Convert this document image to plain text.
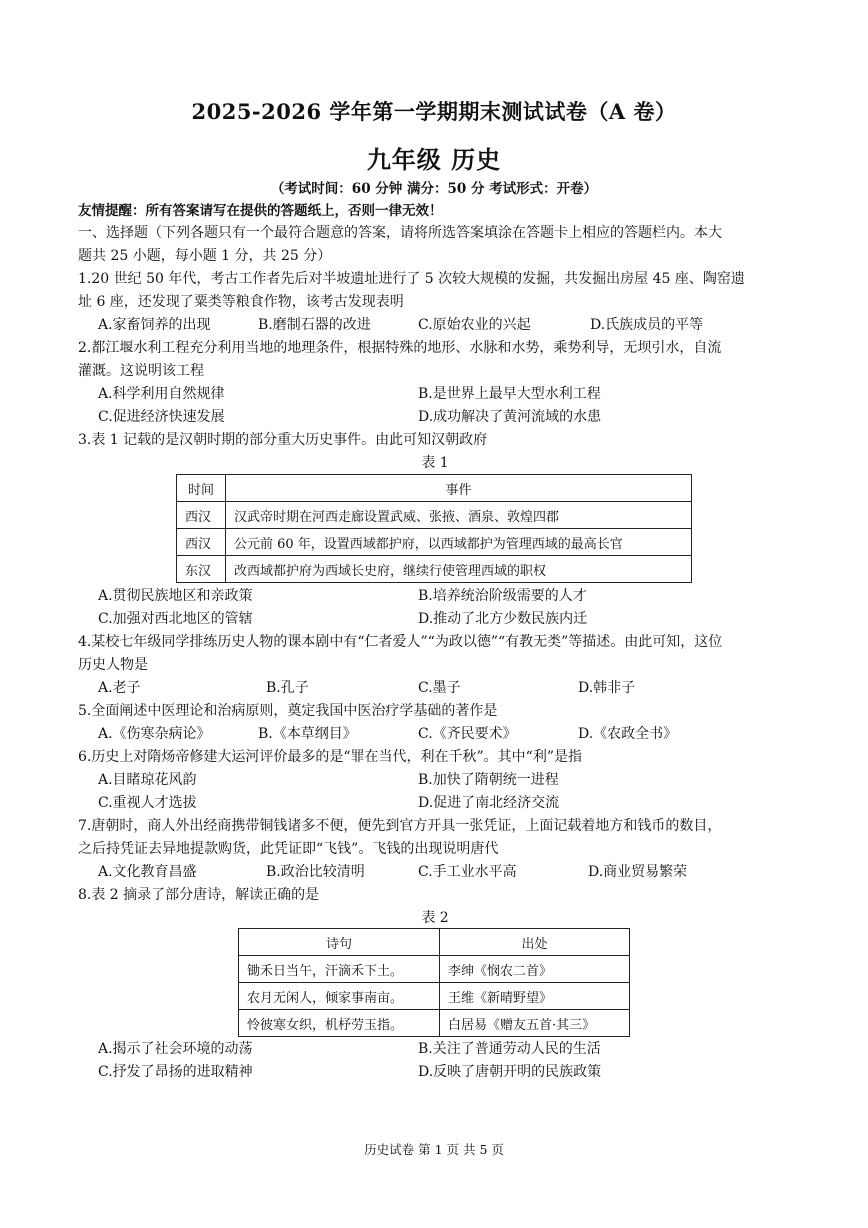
2025-2026 学年第一学期期末测试试卷（A 卷）
九年级 历史
（考试时间：60 分钟 满分：50 分 考试形式：开卷）
友情提醒：所有答案请写在提供的答题纸上，否则一律无效！
一、选择题（下列各题只有一个最符合题意的答案，请将所选答案填涂在答题卡上相应的答题栏内。本大
题共 25 小题，每小题 1 分，共 25 分）
1.20 世纪 50 年代，考古工作者先后对半坡遗址进行了 5 次较大规模的发掘，共发掘出房屋 45 座、陶窑遗
址 6 座，还发现了粟类等粮食作物，该考古发现表明
A.家畜饲养的出现	B.磨制石器的改进	C.原始农业的兴起	D.氏族成员的平等
2.都江堰水利工程充分利用当地的地理条件，根据特殊的地形、水脉和水势，乘势利导，无坝引水，自流
灌溉。这说明该工程
A.科学利用自然规律	B.是世界上最早大型水利工程
C.促进经济快速发展	D.成功解决了黄河流域的水患
3.表 1 记载的是汉朝时期的部分重大历史事件。由此可知汉朝政府
表 1
时间	事件
西汉	汉武帝时期在河西走廊设置武威、张掖、酒泉、敦煌四郡
西汉	公元前 60 年，设置西域都护府，以西域都护为管理西域的最高长官
东汉	改西域都护府为西域长史府，继续行使管理西域的职权
A.贯彻民族地区和亲政策	B.培养统治阶级需要的人才
C.加强对西北地区的管辖	D.推动了北方少数民族内迁
4.某校七年级同学排练历史人物的课本剧中有“仁者爱人”“为政以德”“有教无类”等描述。由此可知，这位
历史人物是
A.老子	B.孔子	C.墨子	D.韩非子
5.全面阐述中医理论和治病原则，奠定我国中医治疗学基础的著作是
A.《伤寒杂病论》	B.《本草纲目》	C.《齐民要术》	D.《农政全书》
6.历史上对隋炀帝修建大运河评价最多的是“罪在当代，利在千秋”。其中“利”是指
A.目睹琼花风韵	B.加快了隋朝统一进程
C.重视人才选拔	D.促进了南北经济交流
7.唐朝时，商人外出经商携带铜钱诸多不便，便先到官方开具一张凭证，上面记载着地方和钱币的数目，
之后持凭证去异地提款购货，此凭证即“飞钱”。飞钱的出现说明唐代
A.文化教育昌盛	B.政治比较清明	C.手工业水平高	D.商业贸易繁荣
8.表 2 摘录了部分唐诗，解读正确的是
表 2
诗句	出处
锄禾日当午，汗滴禾下土。	李绅《悯农二首》
农月无闲人，倾家事南亩。	王维《新晴野望》
怜彼寒女织，机杼劳玉指。	白居易《赠友五首·其三》
A.揭示了社会环境的动荡	B.关注了普通劳动人民的生活
C.抒发了昂扬的进取精神	D.反映了唐朝开明的民族政策
历史试卷 第 1 页 共 5 页
